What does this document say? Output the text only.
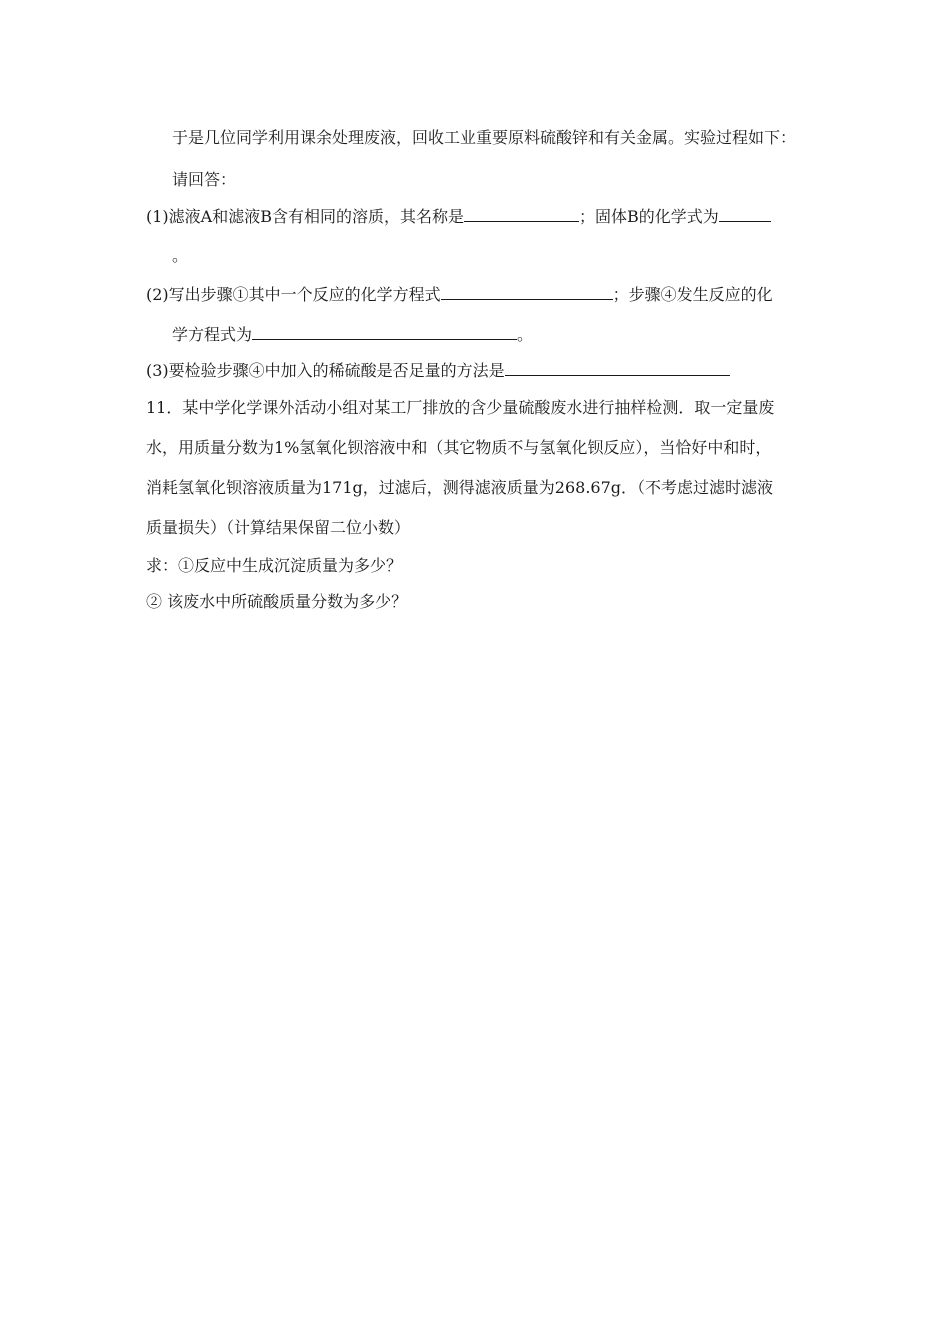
于是几位同学利用课余处理废液，回收工业重要原料硫酸锌和有关金属。实验过程如下：
请回答：
(1)滤液A和滤液B含有相同的溶质，其名称是	；固体B的化学式为
。
(2)写出步骤①其中一个反应的化学方程式	；步骤④发生反应的化
学方程式为	。
(3)要检验步骤④中加入的稀硫酸是否足量的方法是
11．某中学化学课外活动小组对某工厂排放的含少量硫酸废水进行抽样检测．取一定量废
水，用质量分数为1%氢氧化钡溶液中和（其它物质不与氢氧化钡反应），当恰好中和时，
消耗氢氧化钡溶液质量为171g，过滤后，测得滤液质量为268.67g．（不考虑过滤时滤液
质量损失）（计算结果保留二位小数）
求：①反应中生成沉淀质量为多少？
② 该废水中所硫酸质量分数为多少？
